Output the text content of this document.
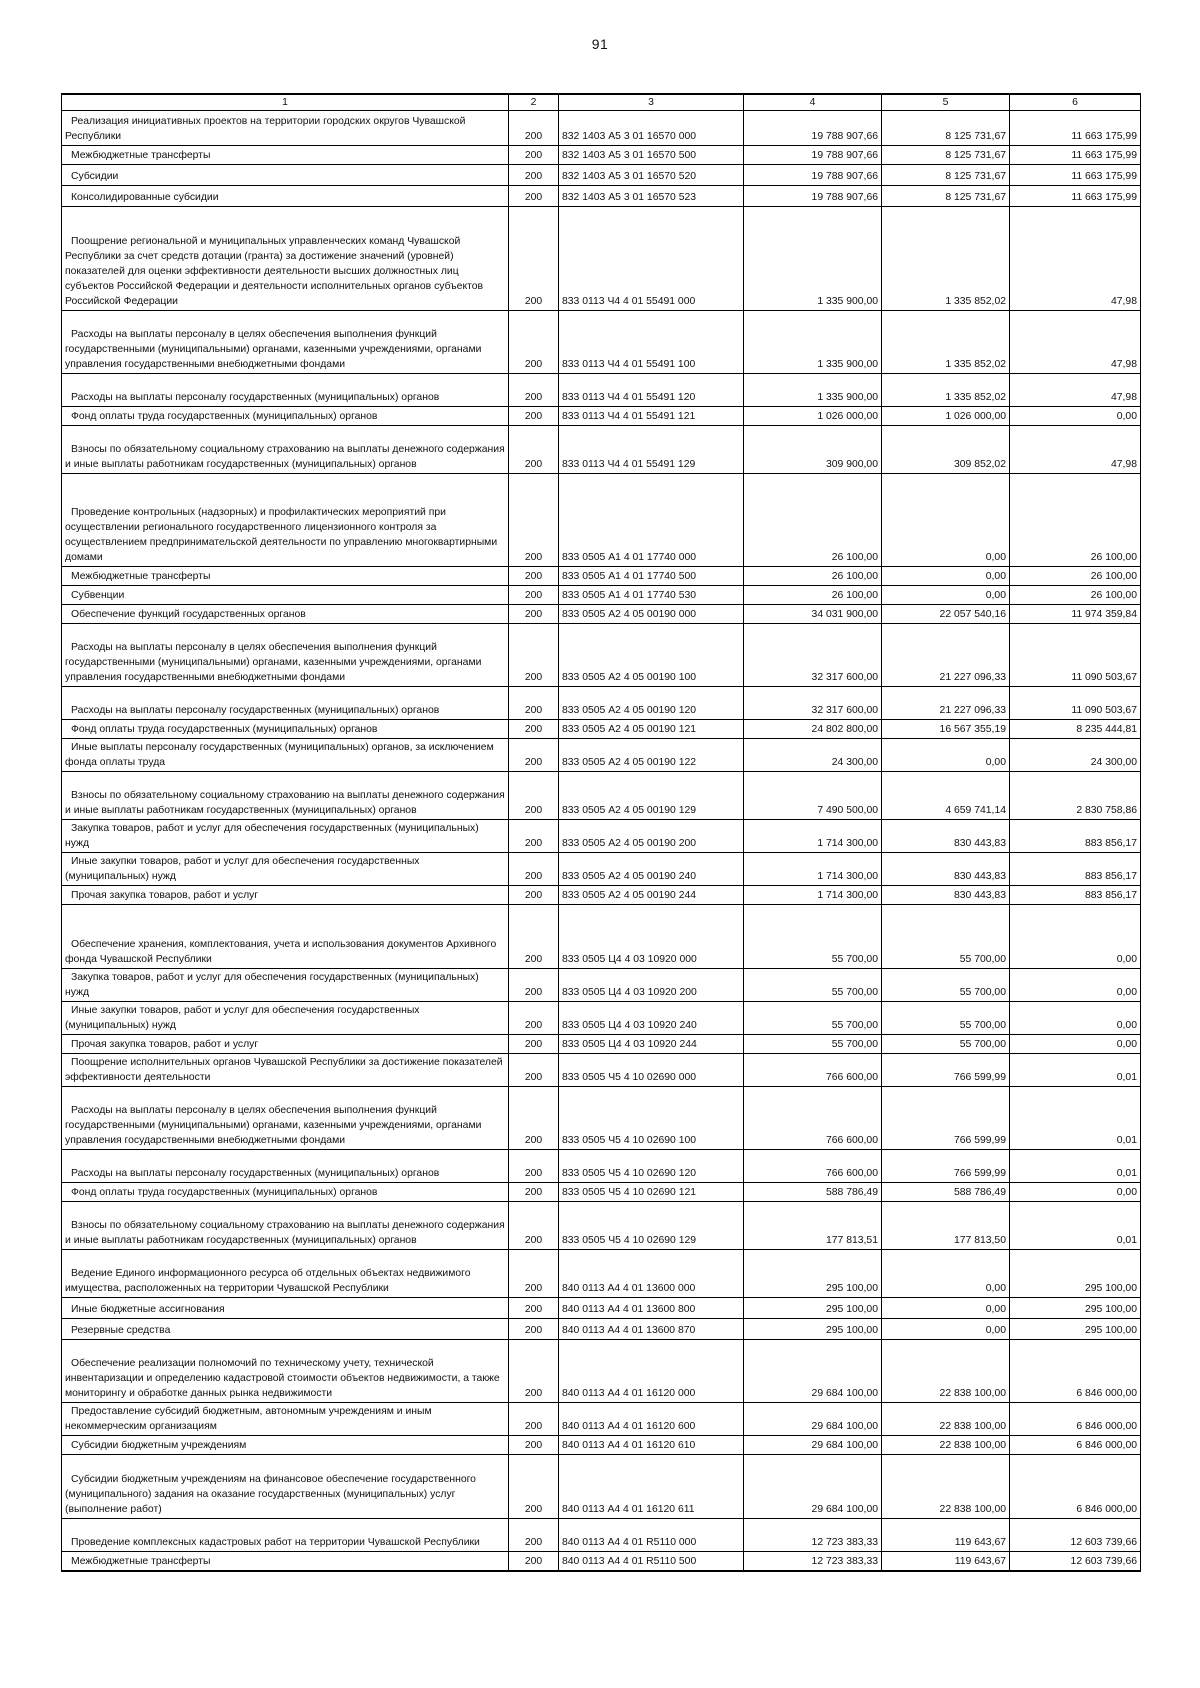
91
1	2	3	4	5	6

Реализация инициативных проектов на территории городских округов Чувашской Республики	200	832 1403 А5 3 01 16570 000	19 788 907,66	8 125 731,67	11 663 175,99

Межбюджетные трансферты	200	832 1403 А5 3 01 16570 500	19 788 907,66	8 125 731,67	11 663 175,99

Субсидии	200	832 1403 А5 3 01 16570 520	19 788 907,66	8 125 731,67	11 663 175,99

Консолидированные субсидии	200	832 1403 А5 3 01 16570 523	19 788 907,66	8 125 731,67	11 663 175,99

Поощрение региональной и муниципальных управленческих команд Чувашской Республики за счет средств дотации (гранта) за достижение значений (уровней) показателей для оценки эффективности деятельности высших должностных лиц субъектов Российской Федерации и деятельности исполнительных органов субъектов Российской Федерации	200	833 0113 Ч4 4 01 55491 000	1 335 900,00	1 335 852,02	47,98

Расходы на выплаты персоналу в целях обеспечения выполнения функций государственными (муниципальными) органами, казенными учреждениями, органами управления государственными внебюджетными фондами	200	833 0113 Ч4 4 01 55491 100	1 335 900,00	1 335 852,02	47,98

Расходы на выплаты персоналу государственных (муниципальных) органов	200	833 0113 Ч4 4 01 55491 120	1 335 900,00	1 335 852,02	47,98

Фонд оплаты труда государственных (муниципальных) органов	200	833 0113 Ч4 4 01 55491 121	1 026 000,00	1 026 000,00	0,00

Взносы по обязательному социальному страхованию на выплаты денежного содержания и иные выплаты работникам государственных (муниципальных) органов	200	833 0113 Ч4 4 01 55491 129	309 900,00	309 852,02	47,98

Проведение контрольных (надзорных) и профилактических мероприятий при осуществлении регионального государственного лицензионного контроля за осуществлением предпринимательской деятельности по управлению многоквартирными домами	200	833 0505 А1 4 01 17740 000	26 100,00	0,00	26 100,00

Межбюджетные трансферты	200	833 0505 А1 4 01 17740 500	26 100,00	0,00	26 100,00

Субвенции	200	833 0505 А1 4 01 17740 530	26 100,00	0,00	26 100,00

Обеспечение функций государственных органов	200	833 0505 А2 4 05 00190 000	34 031 900,00	22 057 540,16	11 974 359,84

Расходы на выплаты персоналу в целях обеспечения выполнения функций государственными (муниципальными) органами, казенными учреждениями, органами управления государственными внебюджетными фондами	200	833 0505 А2 4 05 00190 100	32 317 600,00	21 227 096,33	11 090 503,67

Расходы на выплаты персоналу государственных (муниципальных) органов	200	833 0505 А2 4 05 00190 120	32 317 600,00	21 227 096,33	11 090 503,67

Фонд оплаты труда государственных (муниципальных) органов	200	833 0505 А2 4 05 00190 121	24 802 800,00	16 567 355,19	8 235 444,81

Иные выплаты персоналу государственных (муниципальных) органов, за исключением фонда оплаты труда	200	833 0505 А2 4 05 00190 122	24 300,00	0,00	24 300,00

Взносы по обязательному социальному страхованию на выплаты денежного содержания и иные выплаты работникам государственных (муниципальных) органов	200	833 0505 А2 4 05 00190 129	7 490 500,00	4 659 741,14	2 830 758,86

Закупка товаров, работ и услуг для обеспечения государственных (муниципальных) нужд	200	833 0505 А2 4 05 00190 200	1 714 300,00	830 443,83	883 856,17

Иные закупки товаров, работ и услуг для обеспечения государственных (муниципальных) нужд	200	833 0505 А2 4 05 00190 240	1 714 300,00	830 443,83	883 856,17

Прочая закупка товаров, работ и услуг	200	833 0505 А2 4 05 00190 244	1 714 300,00	830 443,83	883 856,17

Обеспечение хранения, комплектования, учета и использования документов Архивного фонда Чувашской Республики	200	833 0505 Ц4 4 03 10920 000	55 700,00	55 700,00	0,00

Закупка товаров, работ и услуг для обеспечения государственных (муниципальных) нужд	200	833 0505 Ц4 4 03 10920 200	55 700,00	55 700,00	0,00

Иные закупки товаров, работ и услуг для обеспечения государственных (муниципальных) нужд	200	833 0505 Ц4 4 03 10920 240	55 700,00	55 700,00	0,00

Прочая закупка товаров, работ и услуг	200	833 0505 Ц4 4 03 10920 244	55 700,00	55 700,00	0,00

Поощрение исполнительных органов Чувашской Республики за достижение показателей эффективности деятельности	200	833 0505 Ч5 4 10 02690 000	766 600,00	766 599,99	0,01

Расходы на выплаты персоналу в целях обеспечения выполнения функций государственными (муниципальными) органами, казенными учреждениями, органами управления государственными внебюджетными фондами	200	833 0505 Ч5 4 10 02690 100	766 600,00	766 599,99	0,01

Расходы на выплаты персоналу государственных (муниципальных) органов	200	833 0505 Ч5 4 10 02690 120	766 600,00	766 599,99	0,01

Фонд оплаты труда государственных (муниципальных) органов	200	833 0505 Ч5 4 10 02690 121	588 786,49	588 786,49	0,00

Взносы по обязательному социальному страхованию на выплаты денежного содержания и иные выплаты работникам государственных (муниципальных) органов	200	833 0505 Ч5 4 10 02690 129	177 813,51	177 813,50	0,01

Ведение Единого информационного ресурса об отдельных объектах недвижимого имущества, расположенных на территории Чувашской Республики	200	840 0113 А4 4 01 13600 000	295 100,00	0,00	295 100,00

Иные бюджетные ассигнования	200	840 0113 А4 4 01 13600 800	295 100,00	0,00	295 100,00

Резервные средства	200	840 0113 А4 4 01 13600 870	295 100,00	0,00	295 100,00

Обеспечение реализации полномочий по техническому учету, технической инвентаризации и определению кадастровой стоимости объектов недвижимости, а также мониторингу и обработке данных рынка недвижимости	200	840 0113 А4 4 01 16120 000	29 684 100,00	22 838 100,00	6 846 000,00

Предоставление субсидий бюджетным, автономным учреждениям и иным некоммерческим организациям	200	840 0113 А4 4 01 16120 600	29 684 100,00	22 838 100,00	6 846 000,00

Субсидии бюджетным учреждениям	200	840 0113 А4 4 01 16120 610	29 684 100,00	22 838 100,00	6 846 000,00

Субсидии бюджетным учреждениям на финансовое обеспечение государственного (муниципального) задания на оказание государственных (муниципальных) услуг (выполнение работ)	200	840 0113 А4 4 01 16120 611	29 684 100,00	22 838 100,00	6 846 000,00

Проведение комплексных кадастровых работ на территории Чувашской Республики	200	840 0113 А4 4 01 R5110 000	12 723 383,33	119 643,67	12 603 739,66

Межбюджетные трансферты	200	840 0113 А4 4 01 R5110 500	12 723 383,33	119 643,67	12 603 739,66
